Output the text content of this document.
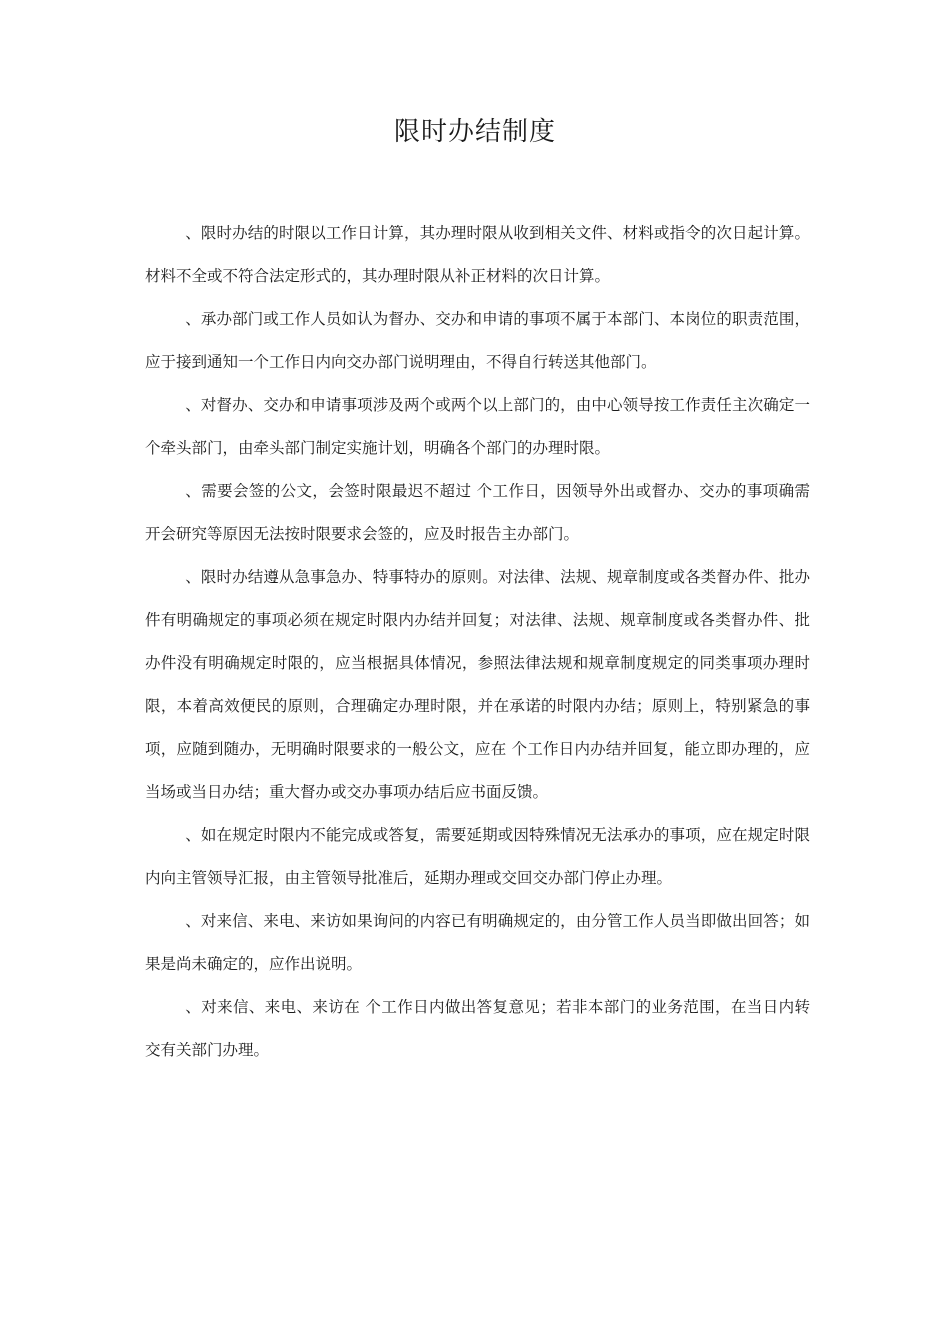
限时办结制度

、限时办结的时限以工作日计算，其办理时限从收到相关文件、材料或指令的次日起计算。材料不全或不符合法定形式的，其办理时限从补正材料的次日计算。

、承办部门或工作人员如认为督办、交办和申请的事项不属于本部门、本岗位的职责范围，应于接到通知一个工作日内向交办部门说明理由，不得自行转送其他部门。

、对督办、交办和申请事项涉及两个或两个以上部门的，由中心领导按工作责任主次确定一个牵头部门，由牵头部门制定实施计划，明确各个部门的办理时限。

、需要会签的公文，会签时限最迟不超过 个工作日，因领导外出或督办、交办的事项确需开会研究等原因无法按时限要求会签的，应及时报告主办部门。

、限时办结遵从急事急办、特事特办的原则。对法律、法规、规章制度或各类督办件、批办件有明确规定的事项必须在规定时限内办结并回复；对法律、法规、规章制度或各类督办件、批办件没有明确规定时限的，应当根据具体情况，参照法律法规和规章制度规定的同类事项办理时限，本着高效便民的原则，合理确定办理时限，并在承诺的时限内办结；原则上，特别紧急的事项，应随到随办，无明确时限要求的一般公文，应在 个工作日内办结并回复，能立即办理的，应当场或当日办结；重大督办或交办事项办结后应书面反馈。

、如在规定时限内不能完成或答复，需要延期或因特殊情况无法承办的事项，应在规定时限内向主管领导汇报，由主管领导批准后，延期办理或交回交办部门停止办理。

、对来信、来电、来访如果询问的内容已有明确规定的，由分管工作人员当即做出回答；如果是尚未确定的，应作出说明。

、对来信、来电、来访在 个工作日内做出答复意见；若非本部门的业务范围，在当日内转交有关部门办理。
